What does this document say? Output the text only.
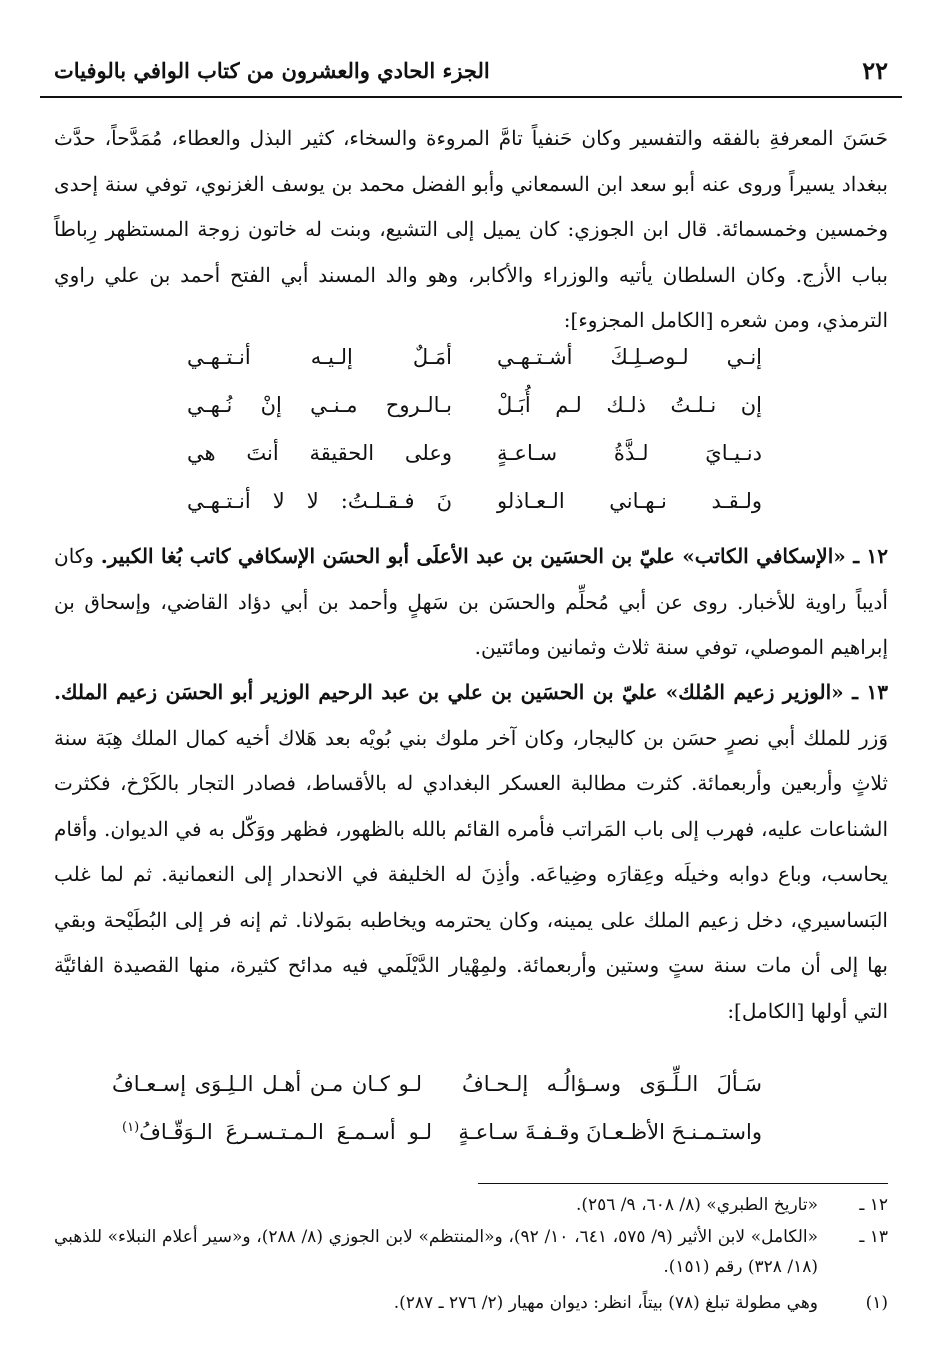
٢٢
الجزء الحادي والعشرون من كتاب الوافي بالوفيات

حَسَنَ المعرفةِ بالفقه والتفسير وكان حَنفياً تامَّ المروءة والسخاء، كثير البذل والعطاء، مُمَدَّحاً، حدَّث ببغداد يسيراً وروى عنه أبو سعد ابن السمعاني وأبو الفضل محمد بن يوسف الغزنوي، توفي سنة إحدى وخمسين وخمسمائة. قال ابن الجوزي: كان يميل إلى التشيع، وبنت له خاتون زوجة المستظهر رِباطاً بباب الأزج. وكان السلطان يأتيه والوزراء والأكابر، وهو والد المسند أبي الفتح أحمد بن علي راوي الترمذي، ومن شعره [الكامل المجزوء]:

إنـي لـوصـلِـكَ أشـتـهـي
أمَـلٌ إلـيـه أنـتـهـي
إن نـلـتُ ذلـك لـم أُبَـلْ
بـالـروح مـنـي إنْ نُـهـي
دنـيـايَ لـذَّةُ سـاعـةٍ
وعلى الحقيقة أنتَ هي
ولـقـد نـهـاني الـعـاذلو
نَ فـقـلـتُ: لا لا أنـتـهـي

١٢ ـ «الإسكافي الكاتب» عليّ بن الحسَين بن عبد الأعلَى أبو الحسَن الإسكافي كاتب بُغا الكبير. وكان أديباً راوية للأخبار. روى عن أبي مُحلِّم والحسَن بن سَهلٍ وأحمد بن أبي دؤاد القاضي، وإسحاق بن إبراهيم الموصلي، توفي سنة ثلاث وثمانين ومائتين.

١٣ ـ «الوزير زعيم المُلك» عليّ بن الحسَين بن علي بن عبد الرحيم الوزير أبو الحسَن زعيم الملك. وَزر للملك أبي نصرٍ حسَن بن كاليجار، وكان آخر ملوك بني بُويْه بعد هَلاك أخيه كمال الملك هِبَة سنة ثلاثٍ وأربعين وأربعمائة. كثرت مطالبة العسكر البغدادي له بالأقساط، فصادر التجار بالكَرْخ، فكثرت الشناعات عليه، فهرب إلى باب المَراتب فأمره القائم بالله بالظهور، فظهر ووَكّل به في الديوان. وأقام يحاسب، وباع دوابه وخيلَه وعِقارَه وضِياعَه. وأذِنَ له الخليفة في الانحدار إلى النعمانية. ثم لما غلب البَساسيري، دخل زعيم الملك على يمينه، وكان يحترمه ويخاطبه بمَولانا. ثم إنه فر إلى البُطَيْحة وبقي بها إلى أن مات سنة ستٍ وستين وأربعمائة. ولمِهْيار الدَّيْلَمي فيه مدائح كثيرة، منها القصيدة الفائيَّة التي أولها [الكامل]:

سَـألَ الـلِّـوَى وسـؤالُـه إلـحـافُ
لـو كـان مـن أهـل الـلِـوَى إسـعـافُ
واستـمـنـحَ الأظـعـانَ وقـفـةَ سـاعـةٍ
لـو أسـمـعَ الـمـتـسـرعَ الـوَقّـافُ$^{(١)}$
١٢ ـ
«تاريخ الطبري» (٨/ ٦٠٨، ٩/ ٢٥٦).
١٣ ـ
«الكامل» لابن الأثير (٩/ ٥٧٥، ٦٤١، ١٠/ ٩٢)، و«المنتظم» لابن الجوزي (٨/ ٢٨٨)، و«سير أعلام النبلاء» للذهبي (١٨/ ٣٢٨) رقم (١٥١).
(١)
وهي مطولة تبلغ (٧٨) بيتاً، انظر: ديوان مهيار (٢/ ٢٧٦ ـ ٢٨٧).
